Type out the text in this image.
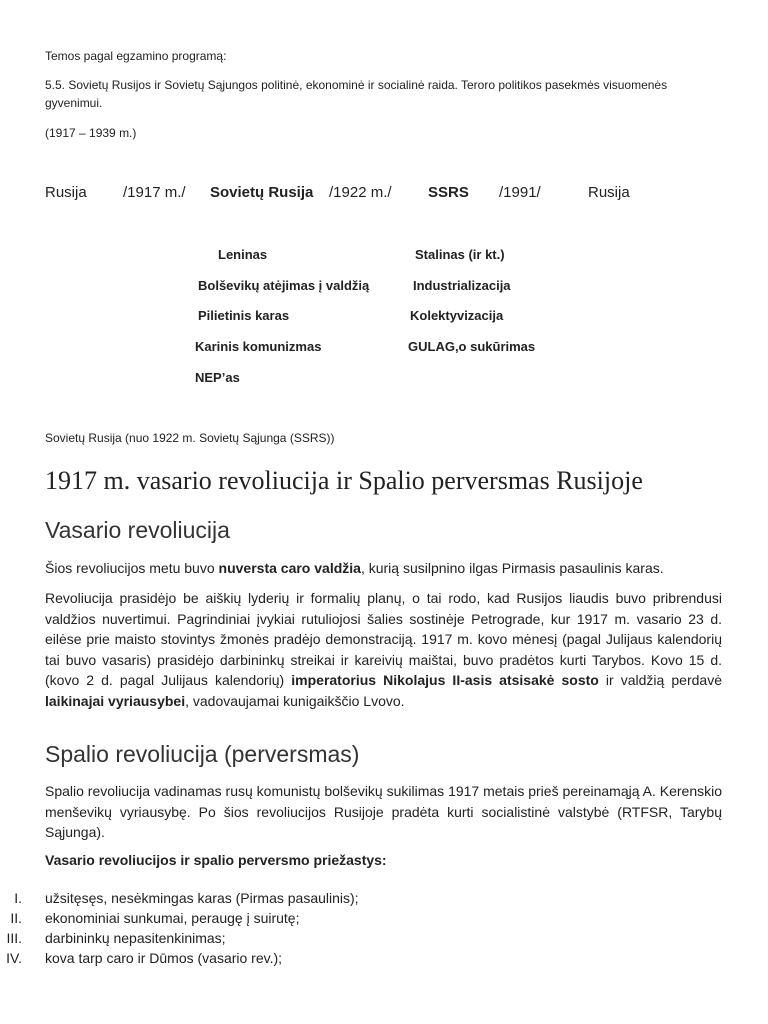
Temos pagal egzamino programą:
5.5. Sovietų Rusijos ir Sovietų Sąjungos politinė, ekonominė ir socialinė raida. Teroro politikos pasekmės visuomenės gyvenimui.
(1917 – 1939 m.)
Rusija /1917 m./ Sovietų Rusija /1922 m./ SSRS /1991/	Rusija
Leninas
Bolševikų atėjimas į valdžią
Pilietinis karas
Karinis komunizmas
NEP’as
Stalinas (ir kt.)
Industrializacija
Kolektyvizacija
GULAG,o sukūrimas
Sovietų Rusija (nuo 1922 m. Sovietų Sąjunga (SSRS))
1917 m. vasario revoliucija ir Spalio perversmas Rusijoje
Vasario revoliucija
Šios revoliucijos metu buvo nuversta caro valdžia, kurią susilpnino ilgas Pirmasis pasaulinis karas.
Revoliucija prasidėjo be aiškių lyderių ir formalių planų, o tai rodo, kad Rusijos liaudis buvo pribrendusi valdžios nuvertimui. Pagrindiniai įvykiai rutuliojosi šalies sostinėje Petrograde, kur 1917 m. vasario 23 d. eilėse prie maisto stovintys žmonės pradėjo demonstraciją. 1917 m. kovo mėnesį (pagal Julijaus kalendorių tai buvo vasaris) prasidėjo darbininkų streikai ir kareivių maištai, buvo pradėtos kurti Tarybos. Kovo 15 d. (kovo 2 d. pagal Julijaus kalendorių) imperatorius Nikolajus II-asis atsisakė sosto ir valdžią perdavė laikinajai vyriausybei, vadovaujamai kunigaikščio Lvovo.
Spalio revoliucija (perversmas)
Spalio revoliucija vadinamas rusų komunistų bolševikų sukilimas 1917 metais prieš pereinamąją A. Kerenskio menševikų vyriausybę. Po šios revoliucijos Rusijoje pradėta kurti socialistinė valstybė (RTFSR, Tarybų Sąjunga).
Vasario revoliucijos ir spalio perversmo priežastys:
I. užsitęsęs, nesėkmingas karas (Pirmas pasaulinis);
II. ekonominiai sunkumai, peraugę į suirutę;
III. darbininkų nepasitenkinimas;
IV. kova tarp caro ir Dūmos (vasario rev.);
